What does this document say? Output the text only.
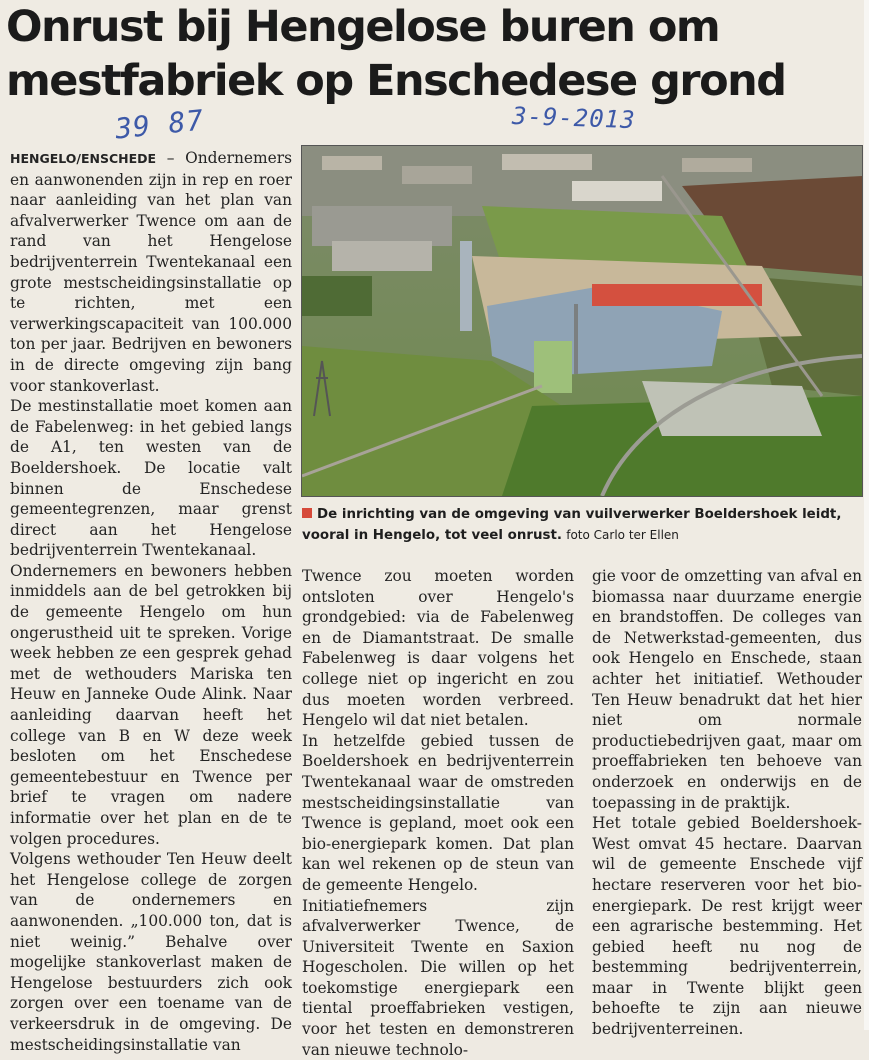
Onrust bij Hengelose buren om mestfabriek op Enschedese grond
39 87	3-9-2013

HENGELO/ENSCHEDE – Ondernemers en aanwonenden zijn in rep en roer naar aanleiding van het plan van afvalverwerker Twence om aan de rand van het Hengelose bedrijventerrein Twentekanaal een grote mestscheidingsinstallatie op te richten, met een verwerkingscapaciteit van 100.000 ton per jaar. Bedrijven en bewoners in de directe omgeving zijn bang voor stankoverlast.

De mestinstallatie moet komen aan de Fabelenweg: in het gebied langs de A1, ten westen van de Boeldershoek. De locatie valt binnen de Enschedese gemeentegrenzen, maar grenst direct aan het Hengelose bedrijventerrein Twentekanaal.

Ondernemers en bewoners hebben inmiddels aan de bel getrokken bij de gemeente Hengelo om hun ongerustheid uit te spreken. Vorige week hebben ze een gesprek gehad met de wethouders Mariska ten Heuw en Janneke Oude Alink. Naar aanleiding daarvan heeft het college van B en W deze week besloten om het Enschedese gemeentebestuur en Twence per brief te vragen om nadere informatie over het plan en de te volgen procedures.

Volgens wethouder Ten Heuw deelt het Hengelose college de zorgen van de ondernemers en aanwonenden. „100.000 ton, dat is niet weinig.” Behalve over mogelijke stankoverlast maken de Hengelose bestuurders zich ook zorgen over een toename van de verkeersdruk in de omgeving. De mestscheidingsinstallatie van

De inrichting van de omgeving van vuilverwerker Boeldershoek leidt, vooral in Hengelo, tot veel onrust. foto Carlo ter Ellen

Twence zou moeten worden ontsloten over Hengelo's grondgebied: via de Fabelenweg en de Diamantstraat. De smalle Fabelenweg is daar volgens het college niet op ingericht en zou dus moeten worden verbreed. Hengelo wil dat niet betalen.

In hetzelfde gebied tussen de Boeldershoek en bedrijventerrein Twentekanaal waar de omstreden mestscheidingsinstallatie van Twence is gepland, moet ook een bio-energiepark komen. Dat plan kan wel rekenen op de steun van de gemeente Hengelo.

Initiatiefnemers zijn afvalverwerker Twence, de Universiteit Twente en Saxion Hogescholen. Die willen op het toekomstige energiepark een tiental proeffabrieken vestigen, voor het testen en demonstreren van nieuwe technolo-

gie voor de omzetting van afval en biomassa naar duurzame energie en brandstoffen. De colleges van de Netwerkstad-gemeenten, dus ook Hengelo en Enschede, staan achter het initiatief. Wethouder Ten Heuw benadrukt dat het hier niet om normale productiebedrijven gaat, maar om proeffabrieken ten behoeve van onderzoek en onderwijs en de toepassing in de praktijk.

Het totale gebied Boeldershoek-West omvat 45 hectare. Daarvan wil de gemeente Enschede vijf hectare reserveren voor het bio-energiepark. De rest krijgt weer een agrarische bestemming. Het gebied heeft nu nog de bestemming bedrijventerrein, maar in Twente blijkt geen behoefte te zijn aan nieuwe bedrijventerreinen.
